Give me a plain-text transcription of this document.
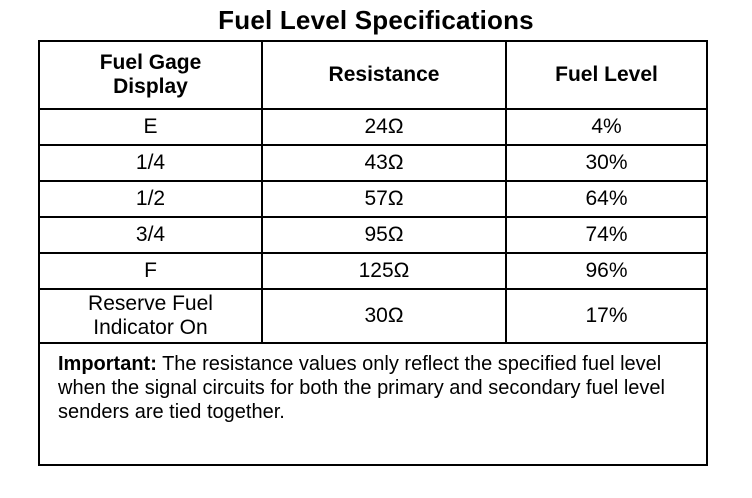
Fuel Level Specifications
Fuel Gage
Display	Resistance	Fuel Level
E	24Ω	4%
1/4	43Ω	30%
1/2	57Ω	64%
3/4	95Ω	74%
F	125Ω	96%
Reserve Fuel
Indicator On	30Ω	17%
Important: The resistance values only reflect the specified fuel level when the signal circuits for both the primary and secondary fuel level senders are tied together.		
